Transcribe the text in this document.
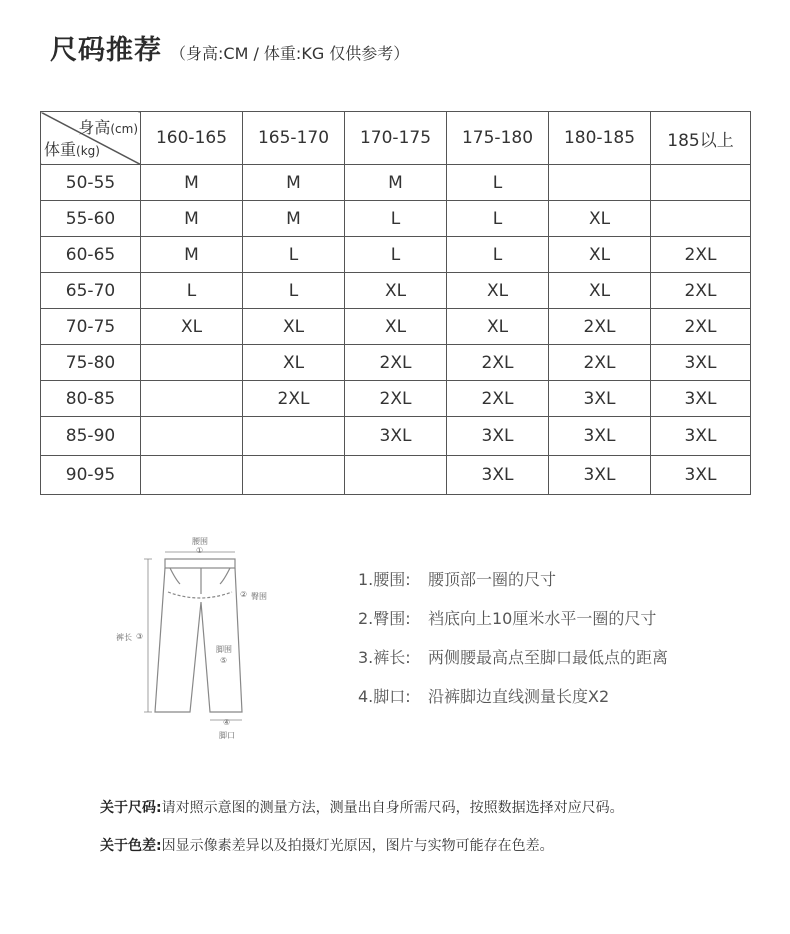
尺码推荐 （身高:CM / 体重:KG 仅供参考）
身高(cm)
体重(kg)	160-165	165-170	170-175	175-180	180-185	185以上
50-55	M	M	M	L		
55-60	M	M	L	L	XL	
60-65	M	L	L	L	XL	2XL
65-70	L	L	XL	XL	XL	2XL
70-75	XL	XL	XL	XL	2XL	2XL
75-80		XL	2XL	2XL	2XL	3XL
80-85		2XL	2XL	2XL	3XL	3XL
85-90			3XL	3XL	3XL	3XL
90-95				3XL	3XL	3XL
腰围
①
② 臀围
裤长 ③
脚围
⑤
④
脚口
1.腰围:	腰顶部一圈的尺寸
2.臀围:	裆底向上10厘米水平一圈的尺寸
3.裤长:	两侧腰最高点至脚口最低点的距离
4.脚口:	沿裤脚边直线测量长度X2
关于尺码:请对照示意图的测量方法，测量出自身所需尺码，按照数据选择对应尺码。
关于色差:因显示像素差异以及拍摄灯光原因，图片与实物可能存在色差。
